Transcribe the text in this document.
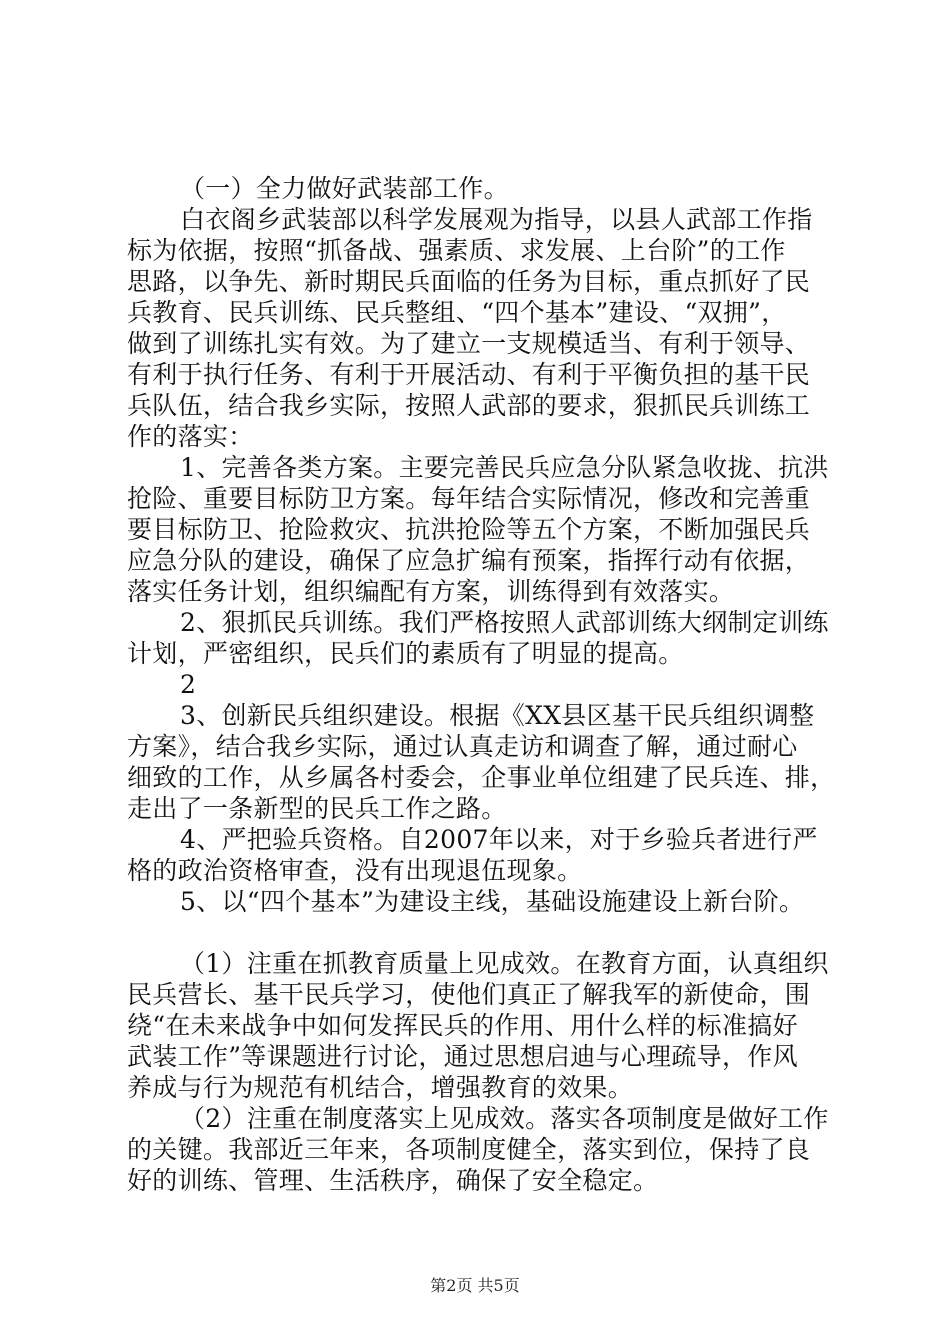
（一）全力做好武装部工作。
白衣阁乡武装部以科学发展观为指导，以县人武部工作指
标为依据，按照“抓备战、强素质、求发展、上台阶”的工作
思路，以争先、新时期民兵面临的任务为目标，重点抓好了民
兵教育、民兵训练、民兵整组、“四个基本”建设、“双拥”，
做到了训练扎实有效。为了建立一支规模适当、有利于领导、
有利于执行任务、有利于开展活动、有利于平衡负担的基干民
兵队伍，结合我乡实际，按照人武部的要求，狠抓民兵训练工
作的落实：
1、完善各类方案。主要完善民兵应急分队紧急收拢、抗洪
抢险、重要目标防卫方案。每年结合实际情况，修改和完善重
要目标防卫、抢险救灾、抗洪抢险等五个方案，不断加强民兵
应急分队的建设，确保了应急扩编有预案，指挥行动有依据，
落实任务计划，组织编配有方案，训练得到有效落实。
2、狠抓民兵训练。我们严格按照人武部训练大纲制定训练
计划，严密组织，民兵们的素质有了明显的提高。
2
3、创新民兵组织建设。根据《XX县区基干民兵组织调整
方案》，结合我乡实际，通过认真走访和调查了解，通过耐心
细致的工作，从乡属各村委会，企事业单位组建了民兵连、排，
走出了一条新型的民兵工作之路。
4、严把验兵资格。自2007年以来，对于乡验兵者进行严
格的政治资格审查，没有出现退伍现象。
5、以“四个基本”为建设主线，基础设施建设上新台阶。
（1）注重在抓教育质量上见成效。在教育方面，认真组织
民兵营长、基干民兵学习，使他们真正了解我军的新使命，围
绕“在未来战争中如何发挥民兵的作用、用什么样的标准搞好
武装工作”等课题进行讨论，通过思想启迪与心理疏导，作风
养成与行为规范有机结合，增强教育的效果。
（2）注重在制度落实上见成效。落实各项制度是做好工作
的关键。我部近三年来，各项制度健全，落实到位，保持了良
好的训练、管理、生活秩序，确保了安全稳定。
第2页 共5页
